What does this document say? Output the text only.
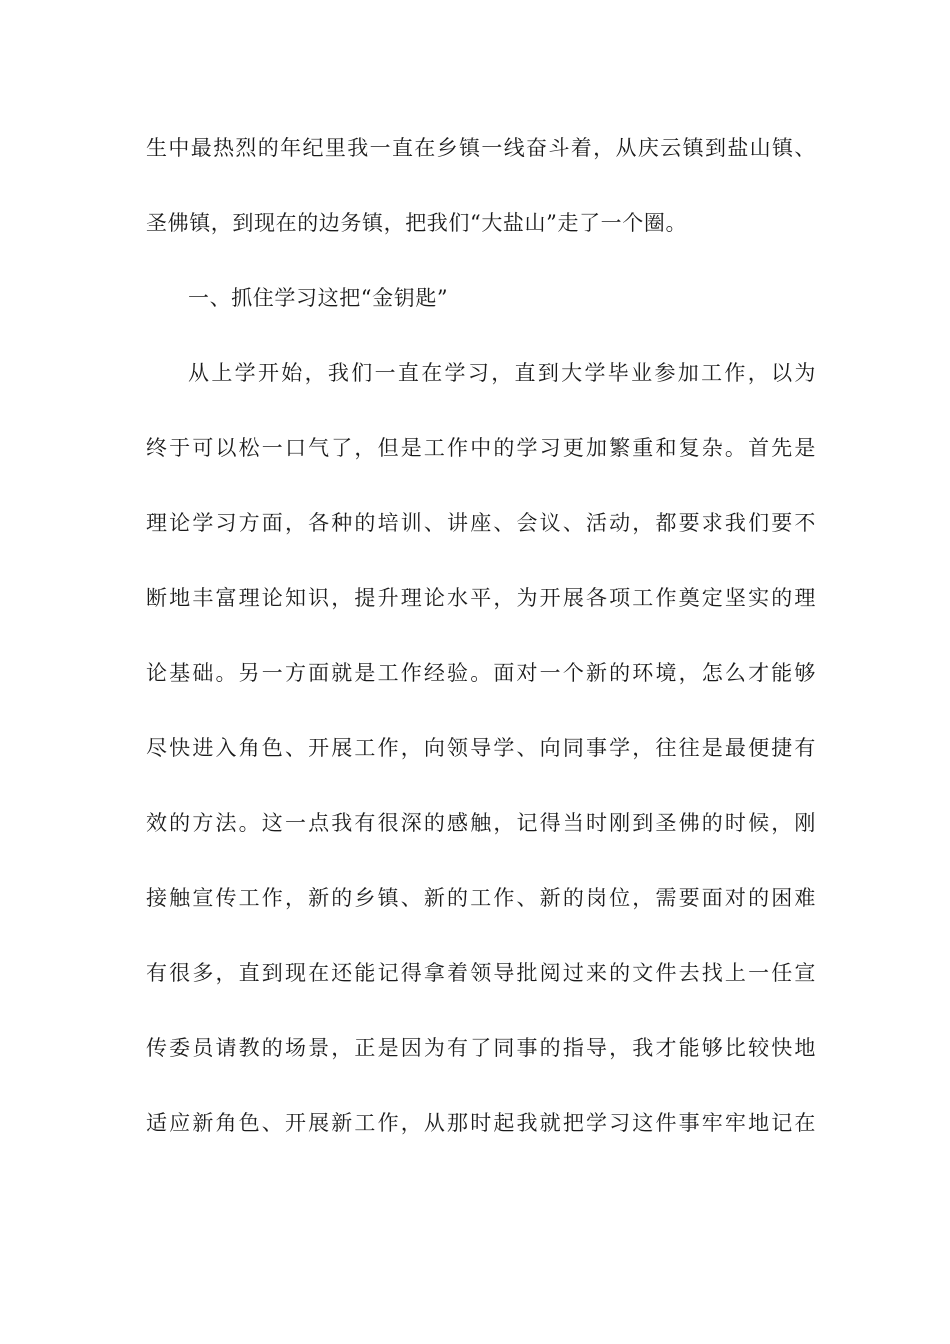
生中最热烈的年纪里我一直在乡镇一线奋斗着，从庆云镇到盐山镇、
圣佛镇，到现在的边务镇，把我们“大盐山”走了一个圈。
一、抓住学习这把“金钥匙”
从上学开始，我们一直在学习，直到大学毕业参加工作，以为
终于可以松一口气了，但是工作中的学习更加繁重和复杂。首先是
理论学习方面，各种的培训、讲座、会议、活动，都要求我们要不
断地丰富理论知识，提升理论水平，为开展各项工作奠定坚实的理
论基础。另一方面就是工作经验。面对一个新的环境，怎么才能够
尽快进入角色、开展工作，向领导学、向同事学，往往是最便捷有
效的方法。这一点我有很深的感触，记得当时刚到圣佛的时候，刚
接触宣传工作，新的乡镇、新的工作、新的岗位，需要面对的困难
有很多，直到现在还能记得拿着领导批阅过来的文件去找上一任宣
传委员请教的场景，正是因为有了同事的指导，我才能够比较快地
适应新角色、开展新工作，从那时起我就把学习这件事牢牢地记在
